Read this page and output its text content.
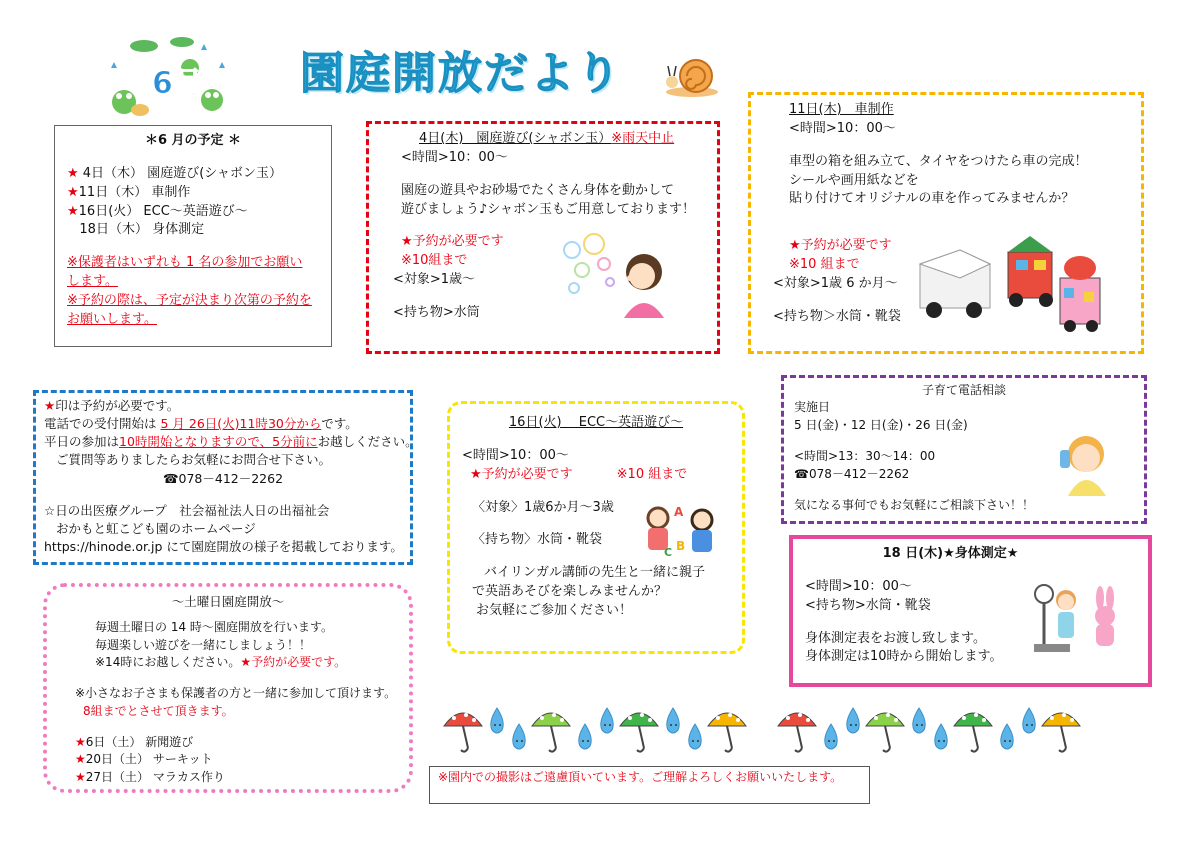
6月 園庭開放だより
＊6 月の予定 ＊
★ 4日（木） 園庭遊び(シャボン玉）
★11日（木） 車制作
★16日(火） ECC～英語遊び～
18日（木） 身体測定
※保護者はいずれも 1 名の参加でお願い
します。
※予約の際は、予定が決まり次第の予約を
お願いします。
4日(木)　園庭遊び(シャボン玉）※雨天中止
<時間>10：00～
園庭の遊具やお砂場でたくさん身体を動かして
遊びましょう♪シャボン玉もご用意しております！
★予約が必要です
※10組まで
<対象>1歳～
<持ち物>水筒
11日(木)　車制作
<時間>10：00～
車型の箱を組み立て、タイヤをつけたら車の完成！
シールや画用紙などを
貼り付けてオリジナルの車を作ってみませんか？
★予約が必要です
※10 組まで
<対象>1歳 6 か月～
<持ち物＞水筒・靴袋
★印は予約が必要です。
電話での受付開始は 5 月 26日(火)11時30分からです。
平日の参加は10時開始となりますので、5分前にお越しください。
ご質問等ありましたらお気軽にお問合せ下さい。
☎078－412－2262
☆日の出医療グループ　社会福祉法人日の出福祉会
おかもと虹こども園のホームページ
https://hinode.or.jp にて園庭開放の様子を掲載しております。
16日(火)　 ECC～英語遊び～
<時間>10：00～
★予約が必要です	※10 組まで
〈対象〉1歳6か月～3歳
〈持ち物〉水筒・靴袋
バイリンガル講師の先生と一緒に親子
で英語あそびを楽しみませんか？
お気軽にご参加ください！
A
B
C
子育て電話相談
実施日
5 日(金)・12 日(金)・26 日(金)
<時間>13：30～14：00
☎078－412－2262
気になる事何でもお気軽にご相談下さい！！
18 日(木)★身体測定★
<時間>10：00～
<持ち物>水筒・靴袋
身体測定表をお渡し致します。
身体測定は10時から開始します。
～土曜日園庭開放～
毎週土曜日の 14 時～園庭開放を行います。
毎週楽しい遊びを一緒にしましょう！！
※14時にお越しください。★予約が必要です。
※小さなお子さまも保護者の方と一緒に参加して頂けます。
8組までとさせて頂きます。
★6日（土） 新聞遊び
★20日（土） サーキット
★27日（土） マラカス作り	※園内での撮影はご遠慮頂いています。ご理解よろしくお願いいたします。
